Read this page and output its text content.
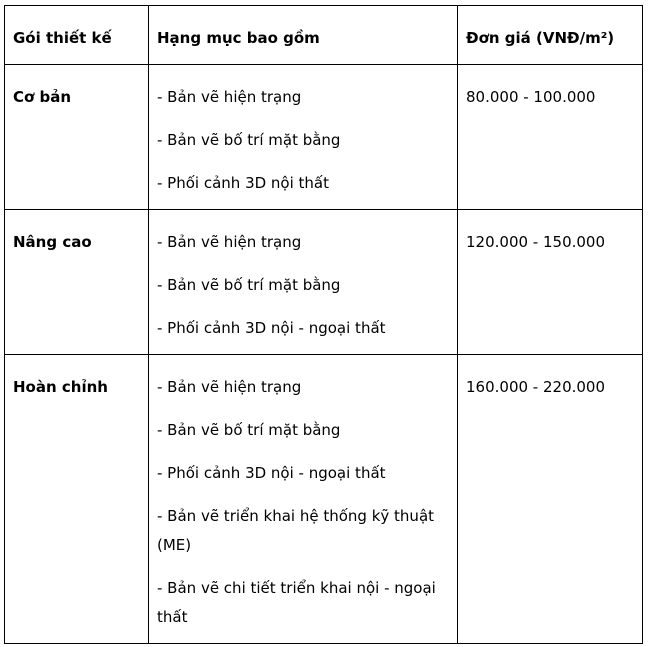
Gói thiết kế	Hạng mục bao gồm	Đơn giá (VNĐ/m²)
Cơ bản	- Bản vẽ hiện trạng
- Bản vẽ bố trí mặt bằng
- Phối cảnh 3D nội thất	80.000 - 100.000
Nâng cao	- Bản vẽ hiện trạng
- Bản vẽ bố trí mặt bằng
- Phối cảnh 3D nội - ngoại thất	120.000 - 150.000
Hoàn chỉnh	- Bản vẽ hiện trạng
- Bản vẽ bố trí mặt bằng
- Phối cảnh 3D nội - ngoại thất
- Bản vẽ triển khai hệ thống kỹ thuật (ME)
- Bản vẽ chi tiết triển khai nội - ngoại thất	160.000 - 220.000
